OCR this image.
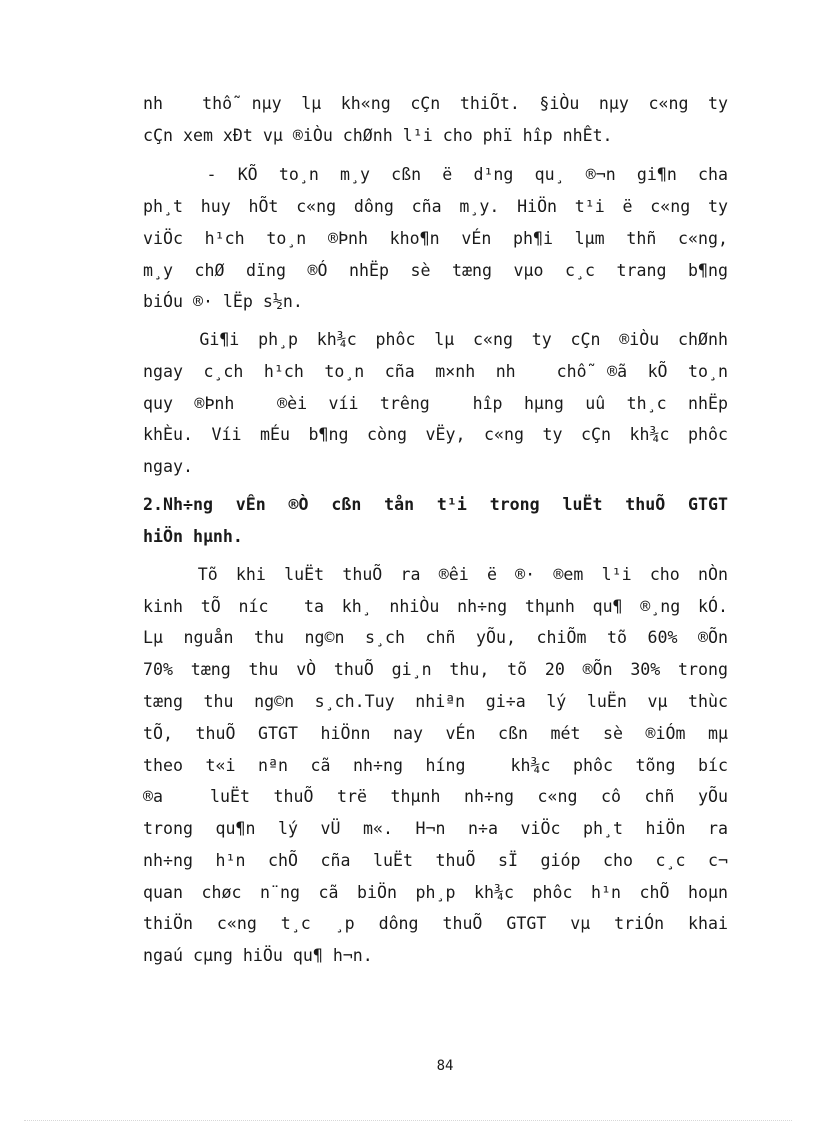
nh  thỗ nµy lµ kh«ng cÇn thiÕt. §iÒu nµy c«ng ty
cÇn xem xÐt vµ ®iÒu chØnh l¹i cho phï hîp nhÊt.
- KÕ to¸n m¸y cßn ë d¹ng qu¸ ®¬n gi¶n cha
ph¸t huy hÕt c«ng dông cña m¸y. HiÖn t¹i ë c«ng ty
viÖc h¹ch to¸n ®Þnh kho¶n vÉn ph¶i lµm thñ c«ng,
m¸y chØ dïng ®Ó nhËp sè tæng vµo c¸c trang b¶ng
biÓu ®· lËp s½n.
Gi¶i ph¸p kh¾c phôc lµ c«ng ty cÇn ®iÒu chØnh
ngay c¸ch h¹ch to¸n cña m×nh nh  chỗ ®ã kÕ to¸n
quy ®Þnh  ®èi víi trêng  hîp hµng uû th¸c nhËp
khÈu. Víi mÉu b¶ng còng vËy, c«ng ty cÇn kh¾c phôc
ngay.
2.Nh÷ng vÊn ®Ò cßn tån t¹i trong luËt thuÕ GTGT
hiÖn hµnh.
Tõ khi luËt thuÕ ra ®êi ë ®· ®em l¹i cho nÒn
kinh tÕ níc  ta kh¸ nhiÒu nh÷ng thµnh qu¶ ®¸ng kÓ.
Lµ nguån thu ng©n s¸ch chñ yÕu, chiÕm tõ 60% ®Õn
70% tæng thu vÒ thuÕ gi¸n thu, tõ 20 ®Õn 30% trong
tæng thu ng©n s¸ch.Tuy nhiªn gi÷a lý luËn vµ thùc
tÕ, thuÕ GTGT hiÖnn nay vÉn cßn mét sè ®iÓm mµ
theo t«i nªn cã nh÷ng híng  kh¾c phôc tõng bíc
®a  luËt thuÕ trë thµnh nh÷ng c«ng cô chñ yÕu
trong qu¶n lý vÜ m«. H¬n n÷a viÖc ph¸t hiÖn ra
nh÷ng h¹n chÕ cña luËt thuÕ sÏ gióp cho c¸c c¬
quan chøc n¨ng cã biÖn ph¸p kh¾c phôc h¹n chÕ hoµn
thiÖn c«ng t¸c ¸p dông thuÕ GTGT vµ triÓn khai
ngaú cµng hiÖu qu¶ h¬n.
84
